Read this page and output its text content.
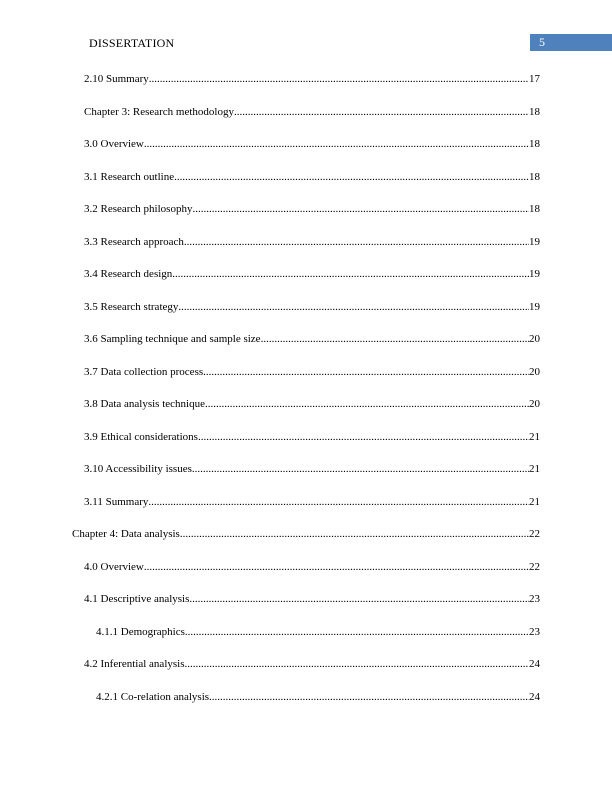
DISSERTATION	5
2.10 Summary .....	17
Chapter 3: Research methodology .....	18
3.0 Overview .....	18
3.1 Research outline .....	18
3.2 Research philosophy .....	18
3.3 Research approach .....	19
3.4 Research design .....	19
3.5 Research strategy .....	19
3.6 Sampling technique and sample size .....	20
3.7 Data collection process .....	20
3.8 Data analysis technique .....	20
3.9 Ethical considerations .....	21
3.10 Accessibility issues .....	21
3.11 Summary .....	21
Chapter 4: Data analysis .....	22
4.0 Overview .....	22
4.1 Descriptive analysis .....	23
4.1.1 Demographics .....	23
4.2 Inferential analysis .....	24
4.2.1 Co-relation analysis .....	24
